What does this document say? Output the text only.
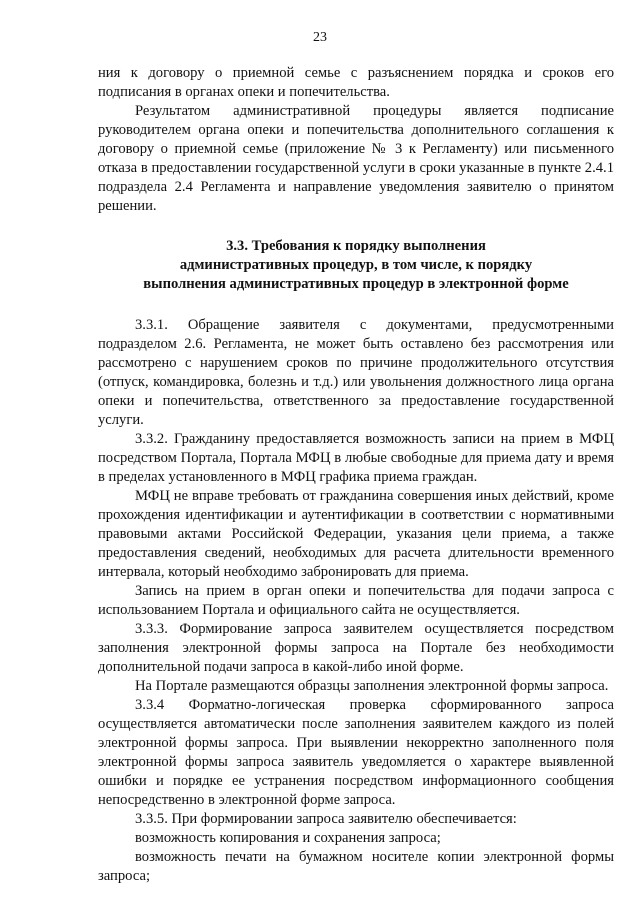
23

ния к договору о приемной семье с разъяснением порядка и сроков его подписания в органах опеки и попечительства.

Результатом административной процедуры является подписание руководителем органа опеки и попечительства дополнительного соглашения к договору о приемной семье (приложение № 3 к Регламенту) или письменного отказа в предоставлении государственной услуги в сроки указанные в пункте 2.4.1 подраздела 2.4 Регламента и направление уведомления заявителю о принятом решении.

3.3. Требования к порядку выполнения
административных процедур, в том числе, к порядку
выполнения административных процедур в электронной форме

3.3.1. Обращение заявителя с документами, предусмотренными подразделом 2.6. Регламента, не может быть оставлено без рассмотрения или рассмотрено с нарушением сроков по причине продолжительного отсутствия (отпуск, командировка, болезнь и т.д.) или увольнения должностного лица органа опеки и попечительства, ответственного за предоставление государственной услуги.

3.3.2. Гражданину предоставляется возможность записи на прием в МФЦ посредством Портала, Портала МФЦ в любые свободные для приема дату и время в пределах установленного в МФЦ графика приема граждан.

МФЦ не вправе требовать от гражданина совершения иных действий, кроме прохождения идентификации и аутентификации в соответствии с нормативными правовыми актами Российской Федерации, указания цели приема, а также предоставления сведений, необходимых для расчета длительности временного интервала, который необходимо забронировать для приема.

Запись на прием в орган опеки и попечительства для подачи запроса с использованием Портала и официального сайта не осуществляется.

3.3.3. Формирование запроса заявителем осуществляется посредством заполнения электронной формы запроса на Портале без необходимости дополнительной подачи запроса в какой-либо иной форме.

На Портале размещаются образцы заполнения электронной формы запроса.

3.3.4 Форматно-логическая проверка сформированного запроса осуществляется автоматически после заполнения заявителем каждого из полей электронной формы запроса. При выявлении некорректно заполненного поля электронной формы запроса заявитель уведомляется о характере выявленной ошибки и порядке ее устранения посредством информационного сообщения непосредственно в электронной форме запроса.

3.3.5. При формировании запроса заявителю обеспечивается:

возможность копирования и сохранения запроса;

возможность печати на бумажном носителе копии электронной формы запроса;
